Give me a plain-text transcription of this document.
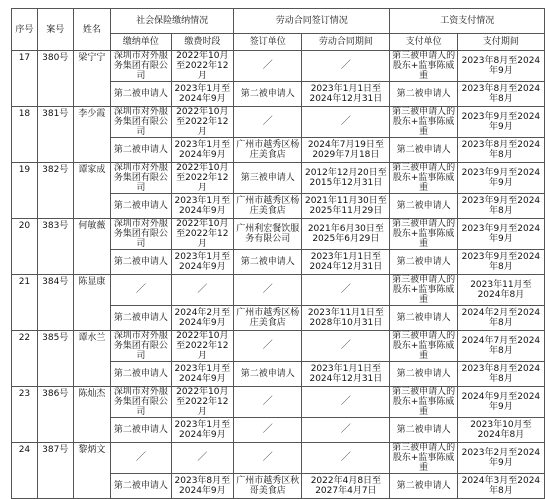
序号	案号	姓名	社会保险缴纳情况		劳动合同签订情况		工资支付情况	
			缴纳单位	缴费时段	签订单位	劳动合同期间	支付单位	支付期间
17	380号	梁宁宁	深圳市对外服务集团有限公司	2022年10月至2022年12月	／	／	第三被申请人的股东+监事陈威重	2023年8月至2024年9月
			第二被申请人	2023年1月至2024年9月	第二被申请人	2023年1月1日至2024年12月31日	第二被申请人	2023年8月至2024年8月
18	381号	李少霞	深圳市对外服务集团有限公司	2022年10月至2022年12月	／	／	第三被申请人的股东+监事陈威重	2023年9月至2024年9月
			第二被申请人	2023年1月至2024年9月	广州市越秀区杨庄美食店	2024年7月19日至2029年7月18日	第二被申请人	2023年8月至2024年8月
19	382号	谭家成	深圳市对外服务集团有限公司	2022年10月至2022年12月	第三被申请人	2012年12月20日至2015年12月31日	第三被申请人的股东+监事陈威重	2023年9月至2024年9月
			第二被申请人	2023年1月至2024年9月	广州市越秀区杨庄美食店	2021年11月30日至2025年11月29日	第二被申请人	2023年9月至2024年8月
20	383号	何敏薇	深圳市对外服务集团有限公司	2022年10月至2022年12月	广州利宏餐饮服务有限公司	2021年6月30日至2025年6月29日	第三被申请人的股东+监事陈威重	2023年9月至2024年9月
			第二被申请人	2023年1月至2024年9月	第二被申请人	2023年1月1日至2024年12月31日	第二被申请人	2023年9月至2024年8月
21	384号	陈显康	／	／	／	／	第三被申请人的股东+监事陈威重	2023年11月至2024年8月
			第二被申请人	2024年2月至2024年9月	广州市越秀区杨庄美食店	2023年11月1日至2028年10月31日	第二被申请人	2024年2月至2024年8月
22	385号	谭水兰	深圳市对外服务集团有限公司	2022年10月至2022年12月	／	／	第三被申请人的股东+监事陈威重	2024年7月至2024年8月
			第二被申请人	2023年1月至2024年9月	第二被申请人	2023年1月1日至2024年12月31日	第二被申请人	2023年8月至2024年8月
23	386号	陈灿杰	深圳市对外服务集团有限公司	2022年10月至2022年12月	／	／	第三被申请人的股东+监事陈威重	2024年9月至2024年9月
			第二被申请人	2023年1月至2024年9月	／	／	第二被申请人	2023年10月至2024年8月
24	387号	黎炳文	／	／	／	／	第三被申请人的股东+监事陈威重	2023年2月至2024年9月
			第二被申请人	2023年8月至2024年9月	广州市越秀区秋哥美食店	2022年4月8日至2027年4月7日	第二被申请人	2024年3月至2024年8月
